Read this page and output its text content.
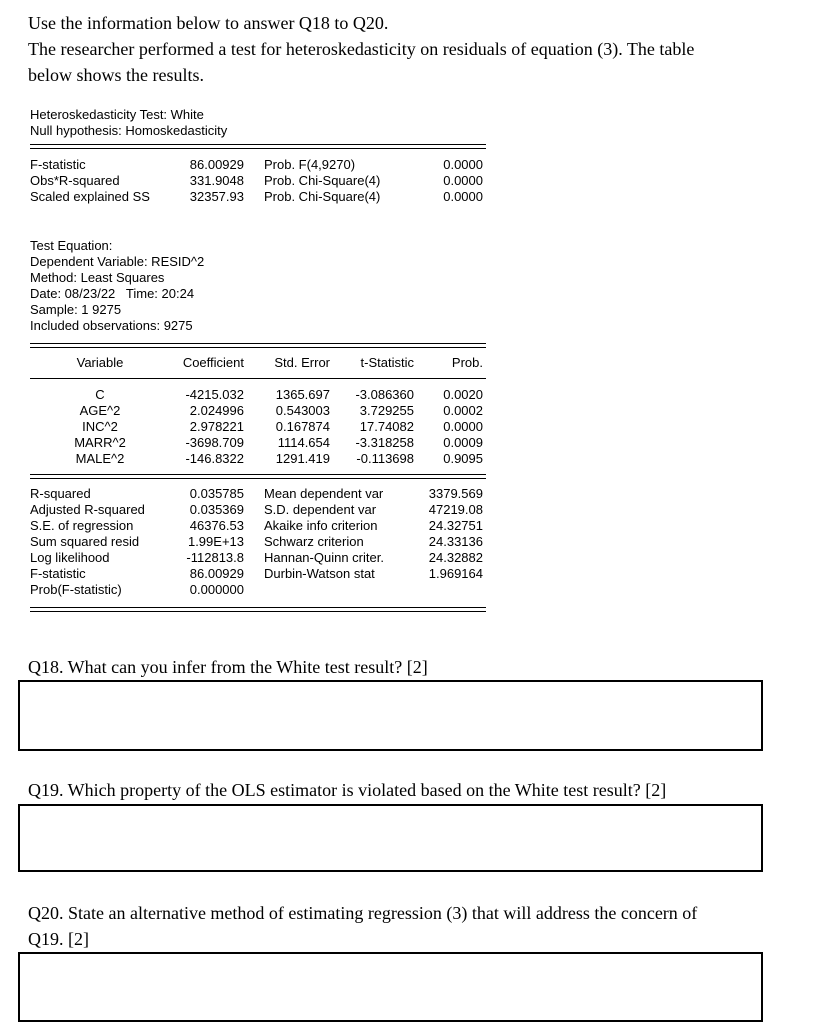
Use the information below to answer Q18 to Q20.
The researcher performed a test for heteroskedasticity on residuals of equation (3). The table
below shows the results.
Heteroskedasticity Test: White
Null hypothesis: Homoskedasticity
F-statistic	86.00929 Prob. F(4,9270)	0.0000
Obs*R-squared	331.9048 Prob. Chi-Square(4)	0.0000
Scaled explained SS	32357.93 Prob. Chi-Square(4)	0.0000
Test Equation:
Dependent Variable: RESID^2
Method: Least Squares
Date: 08/23/22   Time: 20:24
Sample: 1 9275
Included observations: 9275
Variable	Coefficient	Std. Error	t-Statistic	Prob.
C	-4215.032	1365.697	-3.086360	0.0020
AGE^2	2.024996	0.543003	3.729255	0.0002
INC^2	2.978221	0.167874	17.74082	0.0000
MARR^2	-3698.709	1114.654	-3.318258	0.0009
MALE^2	-146.8322	1291.419	-0.113698	0.9095
R-squared	0.035785 Mean dependent var	3379.569
Adjusted R-squared	0.035369 S.D. dependent var	47219.08
S.E. of regression	46376.53 Akaike info criterion	24.32751
Sum squared resid	1.99E+13 Schwarz criterion	24.33136
Log likelihood	-112813.8 Hannan-Quinn criter.	24.32882
F-statistic	86.00929 Durbin-Watson stat	1.969164
Prob(F-statistic)	0.000000
Q18. What can you infer from the White test result? [2]
Q19. Which property of the OLS estimator is violated based on the White test result? [2]
Q20. State an alternative method of estimating regression (3) that will address the concern of
Q19. [2]
